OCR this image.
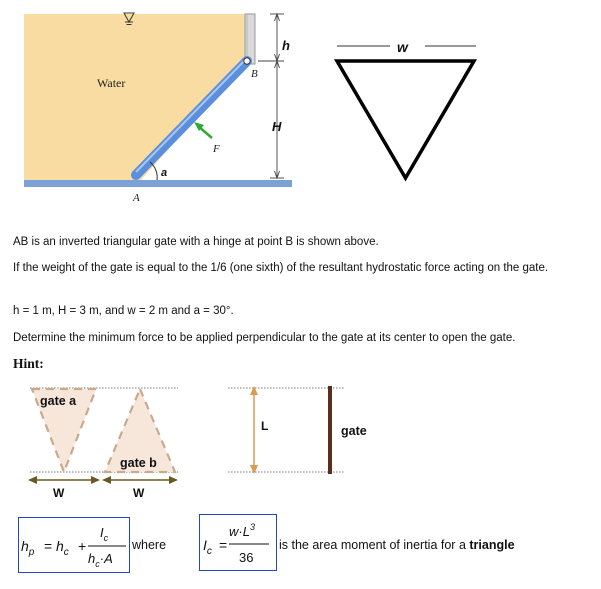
Water
h
H
B
F
a
A
w
AB is an inverted triangular gate with a hinge at point B is shown above.
If the weight of the gate is equal to the 1/6 (one sixth) of the resultant hydrostatic force acting on the gate.
h = 1 m, H = 3 m, and w = 2 m and a = 30°.
Determine the minimum force to be applied perpendicular to the gate at its center to open the gate.
Hint:
gate a
gate b
W	W
L	gate
$h_p = h_c$ +
$I_c$
$h_c\cdot A$
where	$I_c$ =
$w\cdot L^3$
36
is the area moment of inertia for a triangle
